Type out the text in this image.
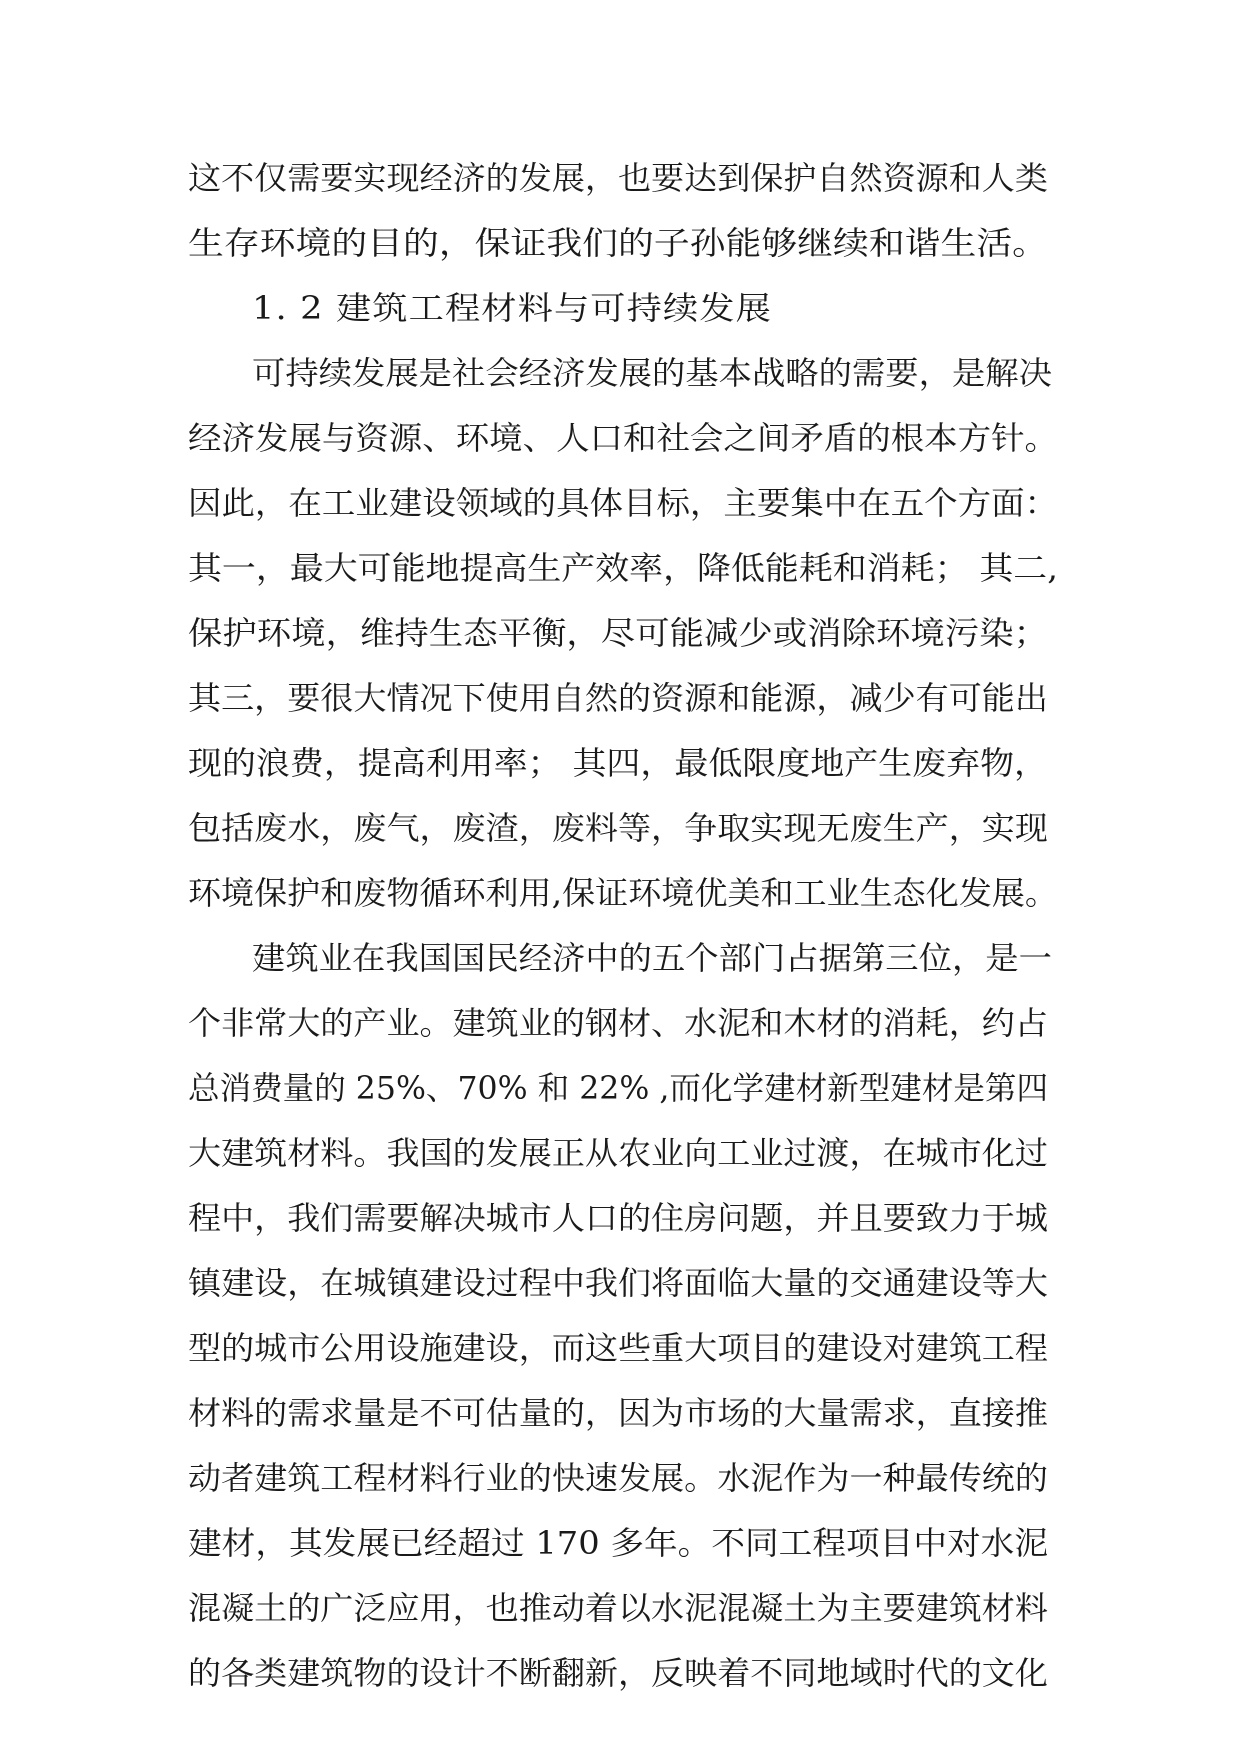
这不仅需要实现经济的发展，也要达到保护自然资源和人类
生存环境的目的，保证我们的子孙能够继续和谐生活。
1. 2 建筑工程材料与可持续发展
可持续发展是社会经济发展的基本战略的需要，是解决
经济发展与资源、环境、人口和社会之间矛盾的根本方针。
因此，在工业建设领域的具体目标，主要集中在五个方面：
其一，最大可能地提高生产效率，降低能耗和消耗； 其二,
保护环境，维持生态平衡，尽可能减少或消除环境污染；
其三，要很大情况下使用自然的资源和能源，减少有可能出
现的浪费，提高利用率； 其四，最低限度地产生废弃物，
包括废水，废气，废渣，废料等，争取实现无废生产，实现
环境保护和废物循环利用,保证环境优美和工业生态化发展。
建筑业在我国国民经济中的五个部门占据第三位，是一
个非常大的产业。建筑业的钢材、水泥和木材的消耗，约占
总消费量的 25%、70% 和 22% ,而化学建材新型建材是第四
大建筑材料。我国的发展正从农业向工业过渡，在城市化过
程中，我们需要解决城市人口的住房问题，并且要致力于城
镇建设，在城镇建设过程中我们将面临大量的交通建设等大
型的城市公用设施建设，而这些重大项目的建设对建筑工程
材料的需求量是不可估量的，因为市场的大量需求，直接推
动者建筑工程材料行业的快速发展。水泥作为一种最传统的
建材，其发展已经超过 170 多年。不同工程项目中对水泥
混凝土的广泛应用，也推动着以水泥混凝土为主要建筑材料
的各类建筑物的设计不断翻新，反映着不同地域时代的文化
